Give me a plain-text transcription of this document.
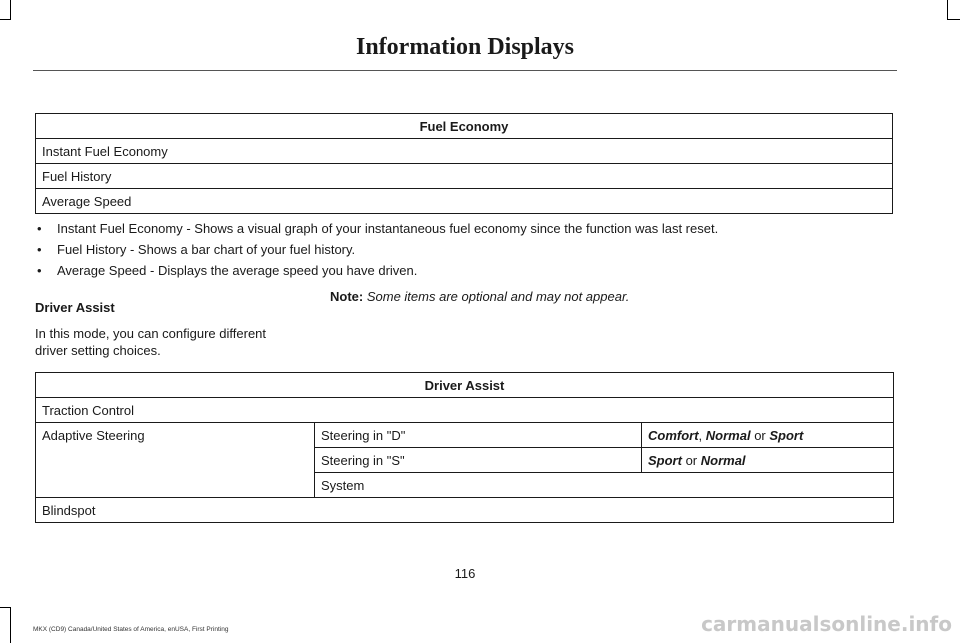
Information Displays
Fuel Economy
Instant Fuel Economy
Fuel History
Average Speed
• Instant Fuel Economy - Shows a visual graph of your instantaneous fuel economy since the function was last reset.
• Fuel History - Shows a bar chart of your fuel history.
• Average Speed - Displays the average speed you have driven.
Driver Assist
In this mode, you can configure different driver setting choices.
Note: Some items are optional and may not appear.
Driver Assist		
Traction Control		
Adaptive Steering	Steering in "D"	Comfort, Normal or Sport
	Steering in "S"	Sport or Normal
	System	
Blindspot		
116
MKX (CD9) Canada/United States of America, enUSA, First Printing	carmanualsonline.info
